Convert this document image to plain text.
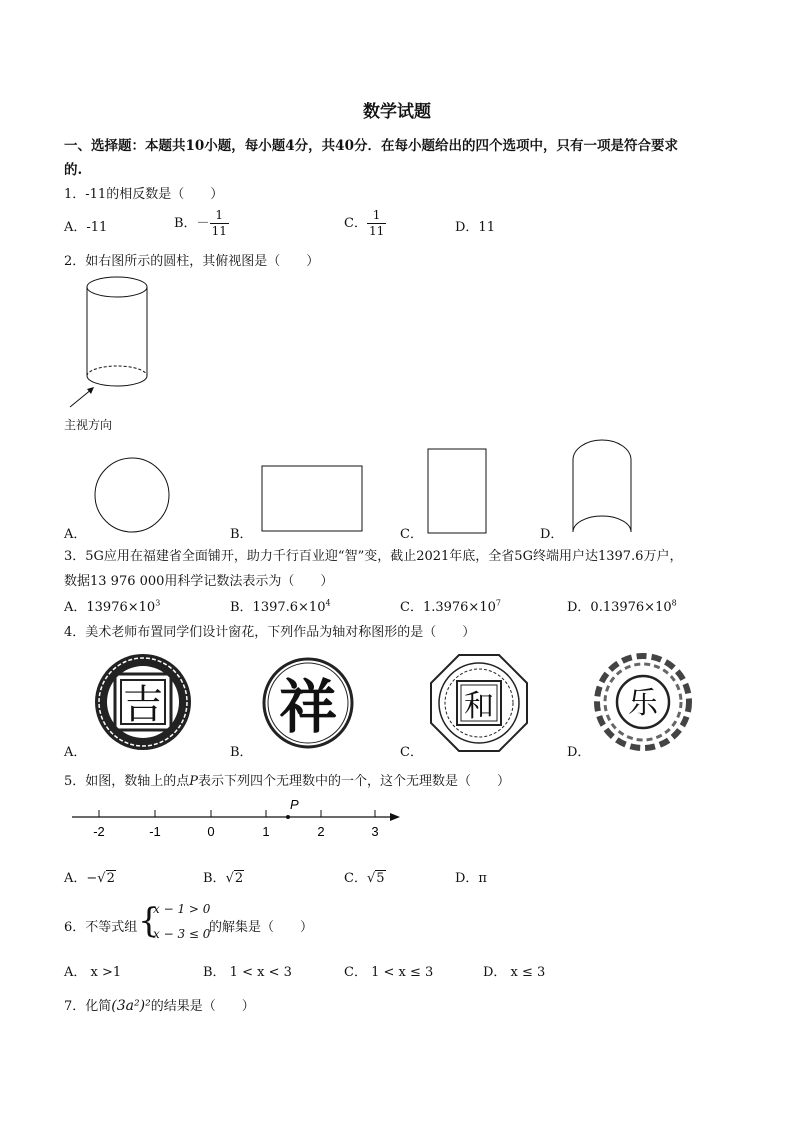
数学试题
一、选择题：本题共10小题，每小题4分，共40分．在每小题给出的四个选项中，只有一项是符合要求
的.
1．-11的相反数是（　　）
A．-11	B．－ $\frac{1}{11}$	C． $\frac{1}{11}$	D．11
2．如右图所示的圆柱，其俯视图是（　　）
主视方向
A．	B．	C．	D．
3．5G应用在福建省全面铺开，助力千行百业迎“智”变，截止2021年底，全省5G终端用户达1397.6万户，
数据13 976 000用科学记数法表示为（　　）
A．$13976\times 10^3$	B．$1397.6\times 10^4$	C．$1.3976\times 10^7$	D．$0.13976\times 10^8$
4．美术老师布置同学们设计窗花，下列作品为轴对称图形的是（　　）
A．
吉
B．
祥
C．
和
D．
乐
5．如图，数轴上的点P表示下列四个无理数中的一个，这个无理数是（　　）
P
-2	-1	0	1	2	3
A．−√2	B．√2	C．√5	D．π
6．不等式组 {
x − 1 > 0
x − 3 ≤ 0
的解集是（　　）
A． x >1	B． 1 < x < 3	C． 1 < x ≤ 3	D． x ≤ 3
7．化简(3a²)²的结果是（　　）
